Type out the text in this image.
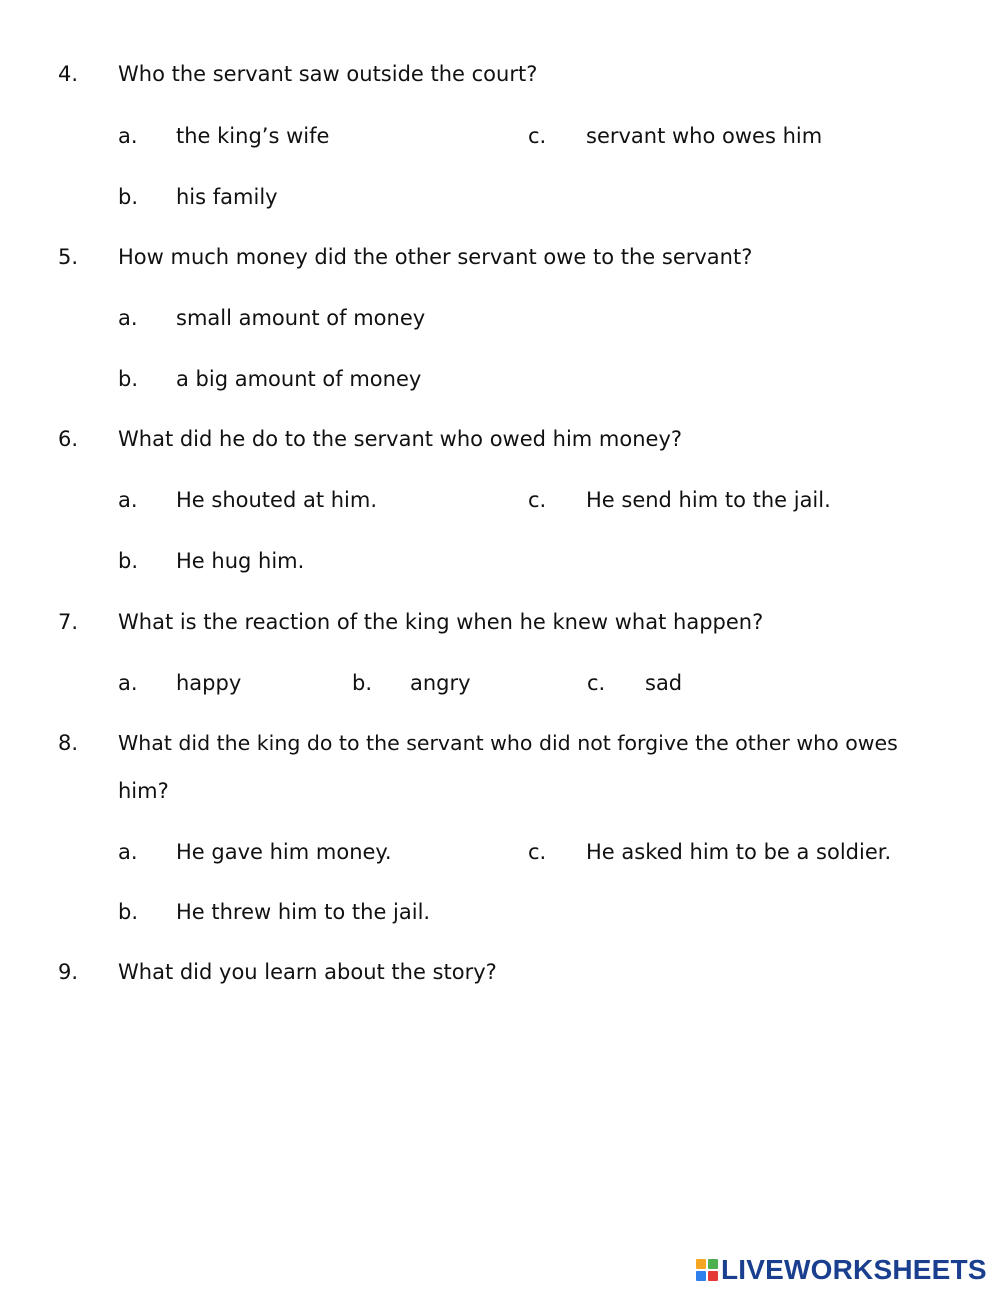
4. Who the servant saw outside the court?
a. the king’s wife	c. servant who owes him
b. his family
5. How much money did the other servant owe to the servant?
a. small amount of money
b. a big amount of money
6. What did he do to the servant who owed him money?
a. He shouted at him.	c. He send him to the jail.
b. He hug him.
7. What is the reaction of the king when he knew what happen?
a. happy	b. angry	c. sad
8. What did the king do to the servant who did not forgive the other who owes
him?
a. He gave him money.	c. He asked him to be a soldier.
b. He threw him to the jail.
9. What did you learn about the story?
LIVEWORKSHEETS
